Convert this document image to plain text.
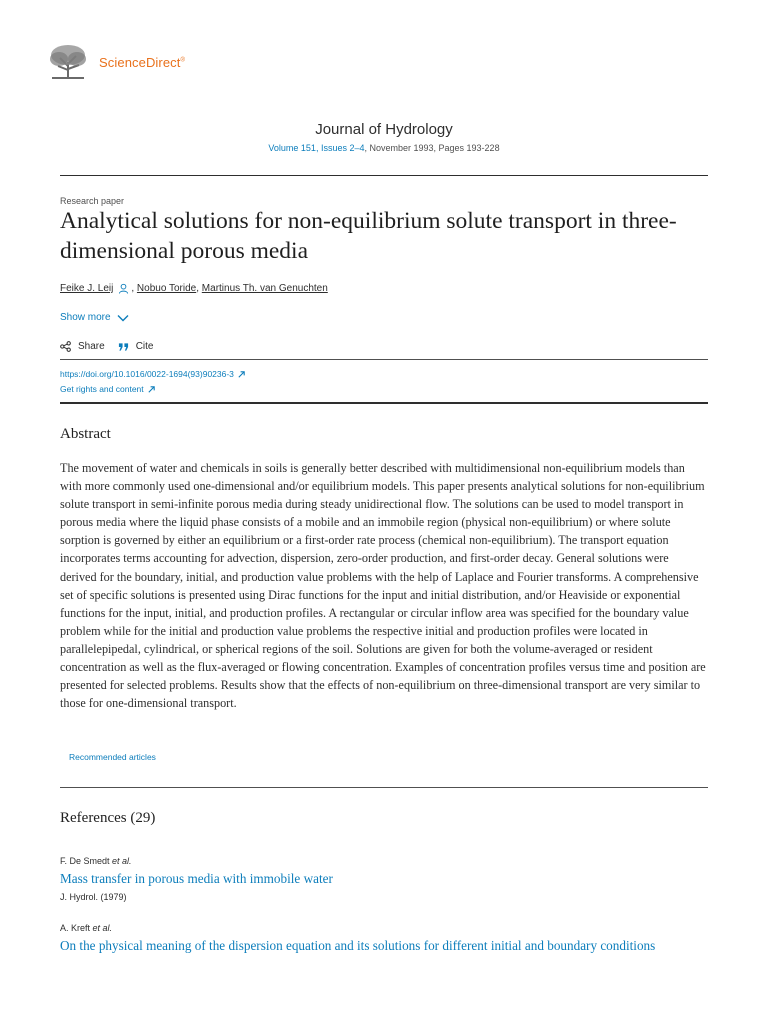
ScienceDirect®
Journal of Hydrology
Volume 151, Issues 2–4, November 1993, Pages 193-228
Research paper
Analytical solutions for non-equilibrium solute transport in three-dimensional porous media
Feike J. Leij , Nobuo Toride , Martinus Th. van Genuchten
Show more
Share	Cite
https://doi.org/10.1016/0022-1694(93)90236-3
Get rights and content
Abstract

The movement of water and chemicals in soils is generally better described with multidimensional non-equilibrium models than with more commonly used one-dimensional and/or equilibrium models. This paper presents analytical solutions for non-equilibrium solute transport in semi-infinite porous media during steady unidirectional flow. The solutions can be used to model transport in porous media where the liquid phase consists of a mobile and an immobile region (physical non-equilibrium) or where solute sorption is governed by either an equilibrium or a first-order rate process (chemical non-equilibrium). The transport equation incorporates terms accounting for advection, dispersion, zero-order production, and first-order decay. General solutions were derived for the boundary, initial, and production value problems with the help of Laplace and Fourier transforms. A comprehensive set of specific solutions is presented using Dirac functions for the input and initial distribution, and/or Heaviside or exponential functions for the input, initial, and production profiles. A rectangular or circular inflow area was specified for the boundary value problem while for the initial and production value problems the respective initial and production profiles were located in parallelepipedal, cylindrical, or spherical regions of the soil. Solutions are given for both the volume-averaged or resident concentration as well as the flux-averaged or flowing concentration. Examples of concentration profiles versus time and position are presented for selected problems. Results show that the effects of non-equilibrium on three-dimensional transport are very similar to those for one-dimensional transport.

Recommended articles
References (29)
F. De Smedt et al.
Mass transfer in porous media with immobile water
J. Hydrol. (1979)
A. Kreft et al.
On the physical meaning of the dispersion equation and its solutions for different initial and boundary conditions
